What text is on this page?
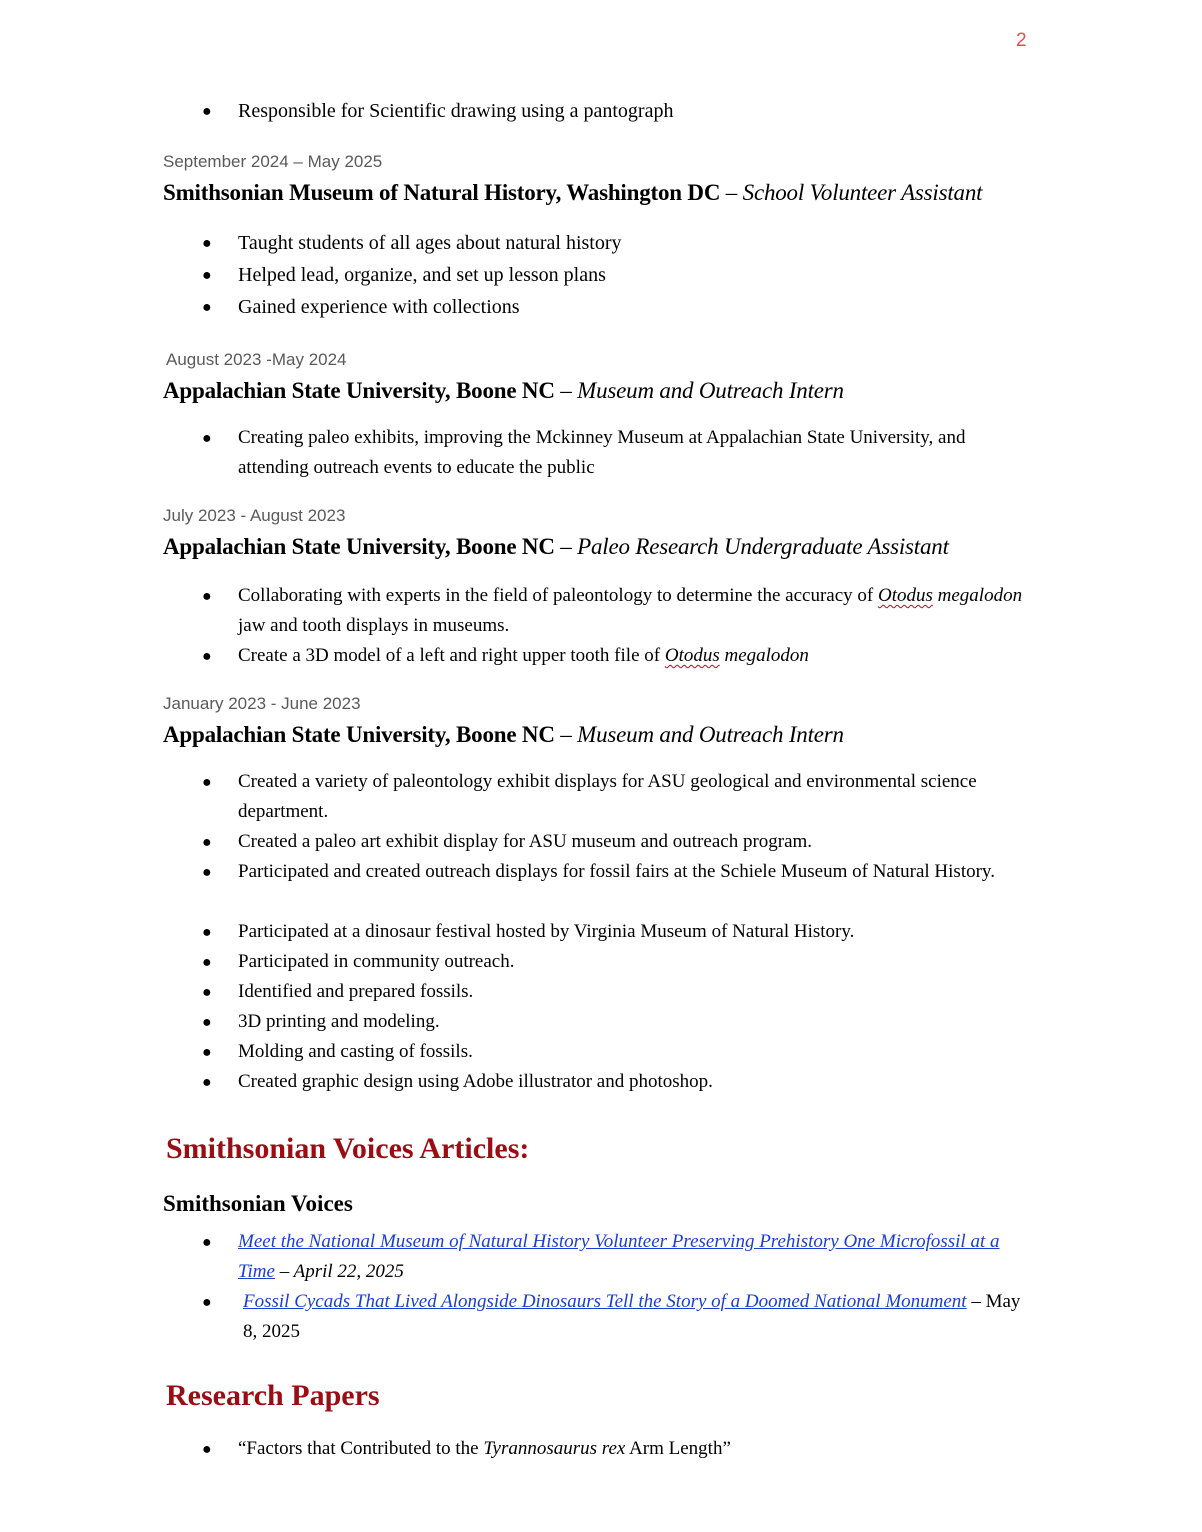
2
● Responsible for Scientific drawing using a pantograph
September 2024 – May 2025
Smithsonian Museum of Natural History, Washington DC – School Volunteer Assistant
● Taught students of all ages about natural history
● Helped lead, organize, and set up lesson plans
● Gained experience with collections
August 2023 -May 2024
Appalachian State University, Boone NC – Museum and Outreach Intern
● Creating paleo exhibits, improving the Mckinney Museum at Appalachian State University, and attending outreach events to educate the public
July 2023 - August 2023
Appalachian State University, Boone NC – Paleo Research Undergraduate Assistant
● Collaborating with experts in the field of paleontology to determine the accuracy of Otodus megalodon jaw and tooth displays in museums.
● Create a 3D model of a left and right upper tooth file of Otodus megalodon
January 2023 - June 2023
Appalachian State University, Boone NC – Museum and Outreach Intern
● Created a variety of paleontology exhibit displays for ASU geological and environmental science department.
● Created a paleo art exhibit display for ASU museum and outreach program.
● Participated and created outreach displays for fossil fairs at the Schiele Museum of Natural History.
● Participated at a dinosaur festival hosted by Virginia Museum of Natural History.
● Participated in community outreach.
● Identified and prepared fossils.
● 3D printing and modeling.
● Molding and casting of fossils.
● Created graphic design using Adobe illustrator and photoshop.
Smithsonian Voices Articles:
Smithsonian Voices
● Meet the National Museum of Natural History Volunteer Preserving Prehistory One Microfossil at a Time – April 22, 2025
● Fossil Cycads That Lived Alongside Dinosaurs Tell the Story of a Doomed National Monument – May 8, 2025
Research Papers
● “Factors that Contributed to the Tyrannosaurus rex Arm Length”
